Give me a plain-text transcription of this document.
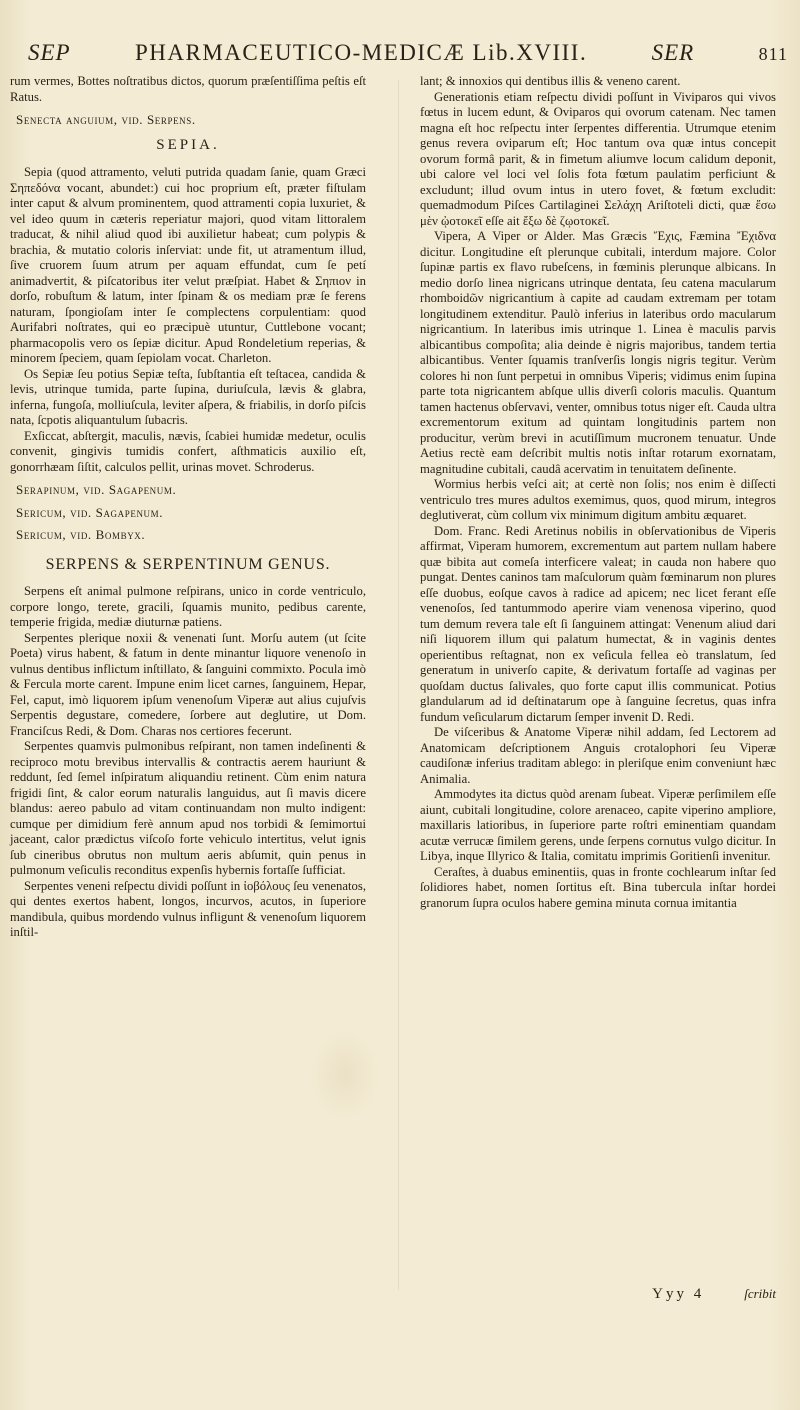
SEP	PHARMACEUTICO-MEDICÆ Lib.XVIII.	SER	811

rum vermes, Bottes noſtratibus dictos, quorum præſentiſſima peſtis eſt Ratus.

Senecta anguium, vid. Serpens.

SEPIA.

Sepia (quod attramento, veluti putrida quadam ſanie, quam Græci Σηπεδόνα vocant, abundet:) cui hoc proprium eſt, præter fiſtulam inter caput & alvum prominentem, quod attramenti copia luxuriet, & vel ideo quum in cæteris reperiatur majori, quod vitam littoralem traducat, & nihil aliud quod ibi auxilietur habeat; cum polypis & brachia, & mutatio coloris inſerviat: unde fit, ut atramentum illud, ſive cruorem ſuum atrum per aquam effundat, cum ſe petí animadvertit, & piſcatoribus iter velut præſpiat. Habet & Σηπιον in dorſo, robuſtum & latum, inter ſpinam & os mediam præ ſe ferens naturam, ſpongioſam inter ſe complectens corpulentiam: quod Aurifabri noſtrates, qui eo præcipuè utuntur, Cuttlebone vocant; pharmacopolis vero os ſepiæ dicitur. Apud Rondeletium reperias, & minorem ſpeciem, quam ſepiolam vocat. Charleton.

Os Sepiæ ſeu potius Sepiæ teſta, ſubſtantia eſt teſtacea, candida & levis, utrinque tumida, parte ſupina, duriuſcula, lævis & glabra, inferna, fungoſa, molliuſcula, leviter aſpera, & friabilis, in dorſo piſcis nata, ſcpotis aliquantulum ſubacris.

Exſiccat, abſtergit, maculis, nævis, ſcabiei humidæ medetur, oculis convenit, gingivis tumidis confert, aſthmaticis auxilio eſt, gonorrhæam ſiſtit, calculos pellit, urinas movet. Schroderus.

Serapinum, vid. Sagapenum.

Sericum, vid. Sagapenum.

Sericum, vid. Bombyx.

SERPENS & SERPENTINUM GENUS.

Serpens eſt animal pulmone reſpirans, unico in corde ventriculo, corpore longo, terete, gracili, ſquamis munito, pedibus carente, temperie frigida, mediæ diuturnæ patiens.

Serpentes plerique noxii & venenati ſunt. Morſu autem (ut ſcite Poeta) virus habent, & fatum in dente minantur liquore venenoſo in vulnus dentibus inflictum inſtillato, & ſanguini commixto. Pocula imò & Fercula morte carent. Impune enim licet carnes, ſanguinem, Hepar, Fel, caput, imò liquorem ipſum venenoſum Viperæ aut alius cujuſvis Serpentis degustare, comedere, ſorbere aut deglutire, ut Dom. Franciſcus Redi, & Dom. Charas nos certiores fecerunt.

Serpentes quamvis pulmonibus reſpirant, non tamen indeſinenti & reciproco motu brevibus intervallis & contractis aerem hauriunt & reddunt, ſed ſemel inſpiratum aliquandiu retinent. Cùm enim natura frigidi ſint, & calor eorum naturalis languidus, aut ſi mavis dicere blandus: aereo pabulo ad vitam continuandam non multo indigent: cumque per dimidium ferè annum apud nos torbidi & ſemimortui jaceant, calor prædictus viſcoſo forte vehiculo intertitus, velut ignis ſub cineribus obrutus non multum aeris abſumit, quin penus in pulmonum veſiculis reconditus expenſis hybernis fortaſſe ſufficiat.

Serpentes veneni reſpectu dividi poſſunt in ἰοβόλους ſeu venenatos, qui dentes exertos habent, longos, incurvos, acutos, in ſuperiore mandibula, quibus mordendo vulnus infligunt & venenoſum liquorem inſtil-

lant; & innoxios qui dentibus illis & veneno carent.

Generationis etiam reſpectu dividi poſſunt in Viviparos qui vivos fœtus in lucem edunt, & Oviparos qui ovorum catenam. Nec tamen magna eſt hoc reſpectu inter ſerpentes differentia. Utrumque etenim genus revera oviparum eſt; Hoc tantum ova quæ intus concepit ovorum formâ parit, & in fimetum aliumve locum calidum deponit, ubi calore vel loci vel ſolis fota fœtum paulatim perficiunt & excludunt; illud ovum intus in utero fovet, & fœtum excludit: quemadmodum Piſces Cartilaginei Σελάχη Ariſtoteli dicti, quæ ἔσω μὲν ᾠοτοκεῖ eſſe ait ἔξω δὲ ζῳοτοκεῖ.

Vipera, A Viper or Alder. Mas Græcis Ἔχις, Fæmina Ἔχιδνα dicitur. Longitudine eſt plerunque cubitali, interdum majore. Color ſupinæ partis ex flavo rubeſcens, in fœminis plerunque albicans. In medio dorſo linea nigricans utrinque dentata, ſeu catena macularum rhomboidῶν nigricantium à capite ad caudam extremam per totam longitudinem extenditur. Paulò inferius in lateribus ordo macularum nigricantium. In lateribus imis utrinque 1. Linea è maculis parvis albicantibus compoſita; alia deinde è nigris majoribus, tandem tertia albicantibus. Venter ſquamis tranſverſis longis nigris tegitur. Verùm colores hi non ſunt perpetui in omnibus Viperis; vidimus enim ſupina parte tota nigricantem abſque ullis diverſi coloris maculis. Quantum tamen hactenus obſervavi, venter, omnibus totus niger eſt. Cauda ultra excrementorum exitum ad quintam longitudinis partem non producitur, verùm brevi in acutiſſimum mucronem tenuatur. Unde Aetius rectè eam deſcribit multis notis inſtar rotarum exornatam, magnitudine cubitali, caudâ acervatim in tenuitatem deſinente.

Wormius herbis veſci ait; at certè non ſolis; nos enim è diſſecti ventriculo tres mures adultos exemimus, quos, quod mirum, integros deglutiverat, cùm collum vix minimum digitum ambitu æquaret.

Dom. Franc. Redi Aretinus nobilis in obſervationibus de Viperis affirmat, Viperam humorem, excrementum aut partem nullam habere quæ bibita aut comeſa interficere valeat; in cauda non habere quo pungat. Dentes caninos tam maſculorum quàm fœminarum non plures eſſe duobus, eoſque cavos à radice ad apicem; nec licet ferant eſſe venenoſos, ſed tantummodo aperire viam venenosa viperino, quod tum demum revera tale eſt ſi ſanguinem attingat: Venenum aliud dari niſi liquorem illum qui palatum humectat, & in vaginis dentes operientibus reſtagnat, non ex veſicula fellea eò translatum, ſed generatum in univerſo capite, & derivatum fortaſſe ad vaginas per quoſdam ductus ſalivales, quo forte caput illis communicat. Potius glandularum ad id deſtinatarum ope à ſanguine ſecretus, quas infra fundum veſicularum dictarum ſemper invenit D. Redi.

De viſceribus & Anatome Viperæ nihil addam, ſed Lectorem ad Anatomicam deſcriptionem Anguis crotalophori ſeu Viperæ caudiſonæ inferius traditam ablego: in pleriſque enim conveniunt hæc Animalia.

Ammodytes ita dictus quòd arenam ſubeat. Viperæ perſimilem eſſe aiunt, cubitali longitudine, colore arenaceo, capite viperino ampliore, maxillaris latioribus, in ſuperiore parte roſtri eminentiam quandam acutæ verrucæ ſimilem gerens, unde ſerpens cornutus vulgo dicitur. In Libya, inque Illyrico & Italia, comitatu imprimis Goritienſi invenitur.

Ceraſtes, à duabus eminentiis, quas in fronte cochlearum inſtar ſed ſolidiores habet, nomen ſortitus eſt. Bina tubercula inſtar hordei granorum ſupra oculos habere gemina minuta cornua imitantia

Yyy 4	ſcribit
